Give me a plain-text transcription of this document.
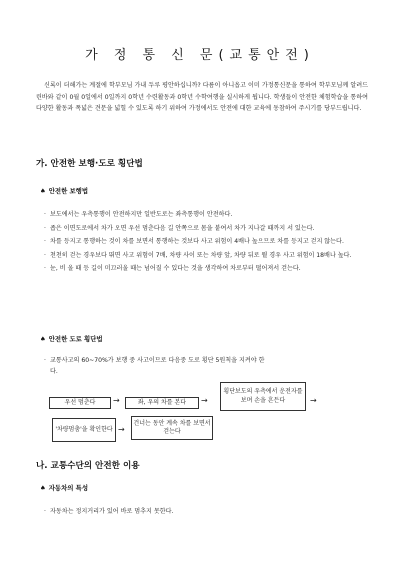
가 정 통 신 문(교통안전)
신록이 더해가는 계절에 학부모님 가내 두루 평안하십니까? 다름이 아니옵고 이미 가정통신문을 통하여 학부모님께 알려드린바와 같이 0월 0일에서 0일까지 0학년 수련활동과 0학년 수학여행을 실시하게 됩니다. 학생들이 안전한 체험학습을 통하여 다양한 활동과 폭넓은 견문을 넓힐 수 있도록 하기 위하여 가정에서도 안전에 대한 교육에 동참하여 주시기를 당부드립니다.
가. 안전한 보행·도로 횡단법
♠ 안전한 보행법
· 보도에서는 우측통행이 안전하지만 일반도로는 좌측통행이 안전하다.
· 좁은 이면도로에서 차가 오면 우선 멈춘다음 길 안쪽으로 몸을 붙여서 차가 지나갈 때까지 서 있는다.
· 차를 등지고 통행하는 것이 차를 보면서 통행하는 것보다 사고 위험이 4배나 높으므로 차를 등지고 걷지 않는다.
· 천천히 걷는 경우보다 뛰면 사고 위험이 7배, 차량 사이 또는 차량 앞, 차량 뒤로 뛸 경우 사고 위험이 18배나 높다.
· 눈, 비 올 때 등 길이 미끄러울 때는 넘어질 수 있다는 것을 생각하여 차로부터 떨어져서 걷는다.
♠ 안전한 도로 횡단법
· 교통사고의 60~70%가 보행 중 사고이므로 다음중 도로 횡단 5원칙을 지켜야 한다.
우선 멈춘다	→	좌, 우의 차를 본다	→
횡단보도의 우측에서 운전자를 보며 손을 흔든다	→
'차량멈춤'을 확인한다 →
건너는 동안 계속 차를 보면서 걷는다
나. 교통수단의 안전한 이용
♠ 자동차의 특성
· 자동차는 정지거리가 있어 바로 멈추지 못한다.
